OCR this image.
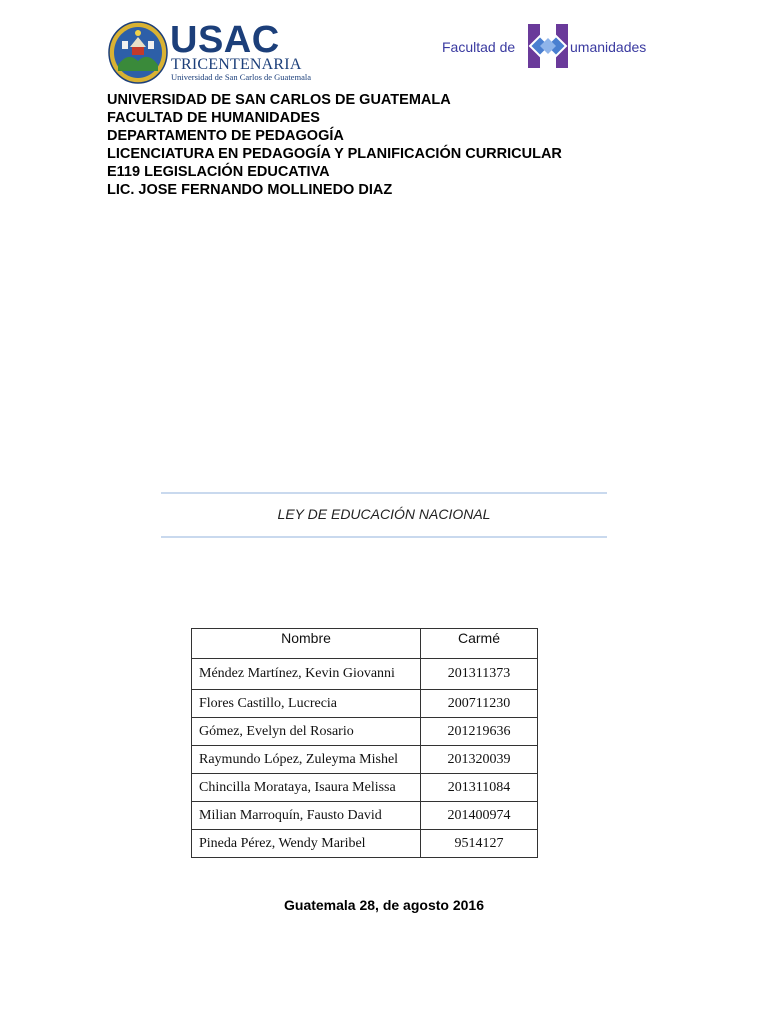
USAC
TRICENTENARIA
Universidad de San Carlos de Guatemala
Facultad de	umanidades
UNIVERSIDAD DE SAN CARLOS DE GUATEMALA
FACULTAD DE HUMANIDADES
DEPARTAMENTO DE PEDAGOGÍA
LICENCIATURA EN PEDAGOGÍA Y PLANIFICACIÓN CURRICULAR
E119 LEGISLACIÓN EDUCATIVA
LIC. JOSE FERNANDO MOLLINEDO DIAZ
LEY DE EDUCACIÓN NACIONAL
Nombre	Carmé
Méndez Martínez, Kevin Giovanni	201311373
Flores Castillo, Lucrecia	200711230
Gómez, Evelyn del Rosario	201219636
Raymundo López, Zuleyma Mishel	201320039
Chincilla Morataya, Isaura Melissa	201311084
Milian Marroquín, Fausto David	201400974
Pineda Pérez, Wendy Maribel	9514127
Guatemala 28, de agosto 2016
